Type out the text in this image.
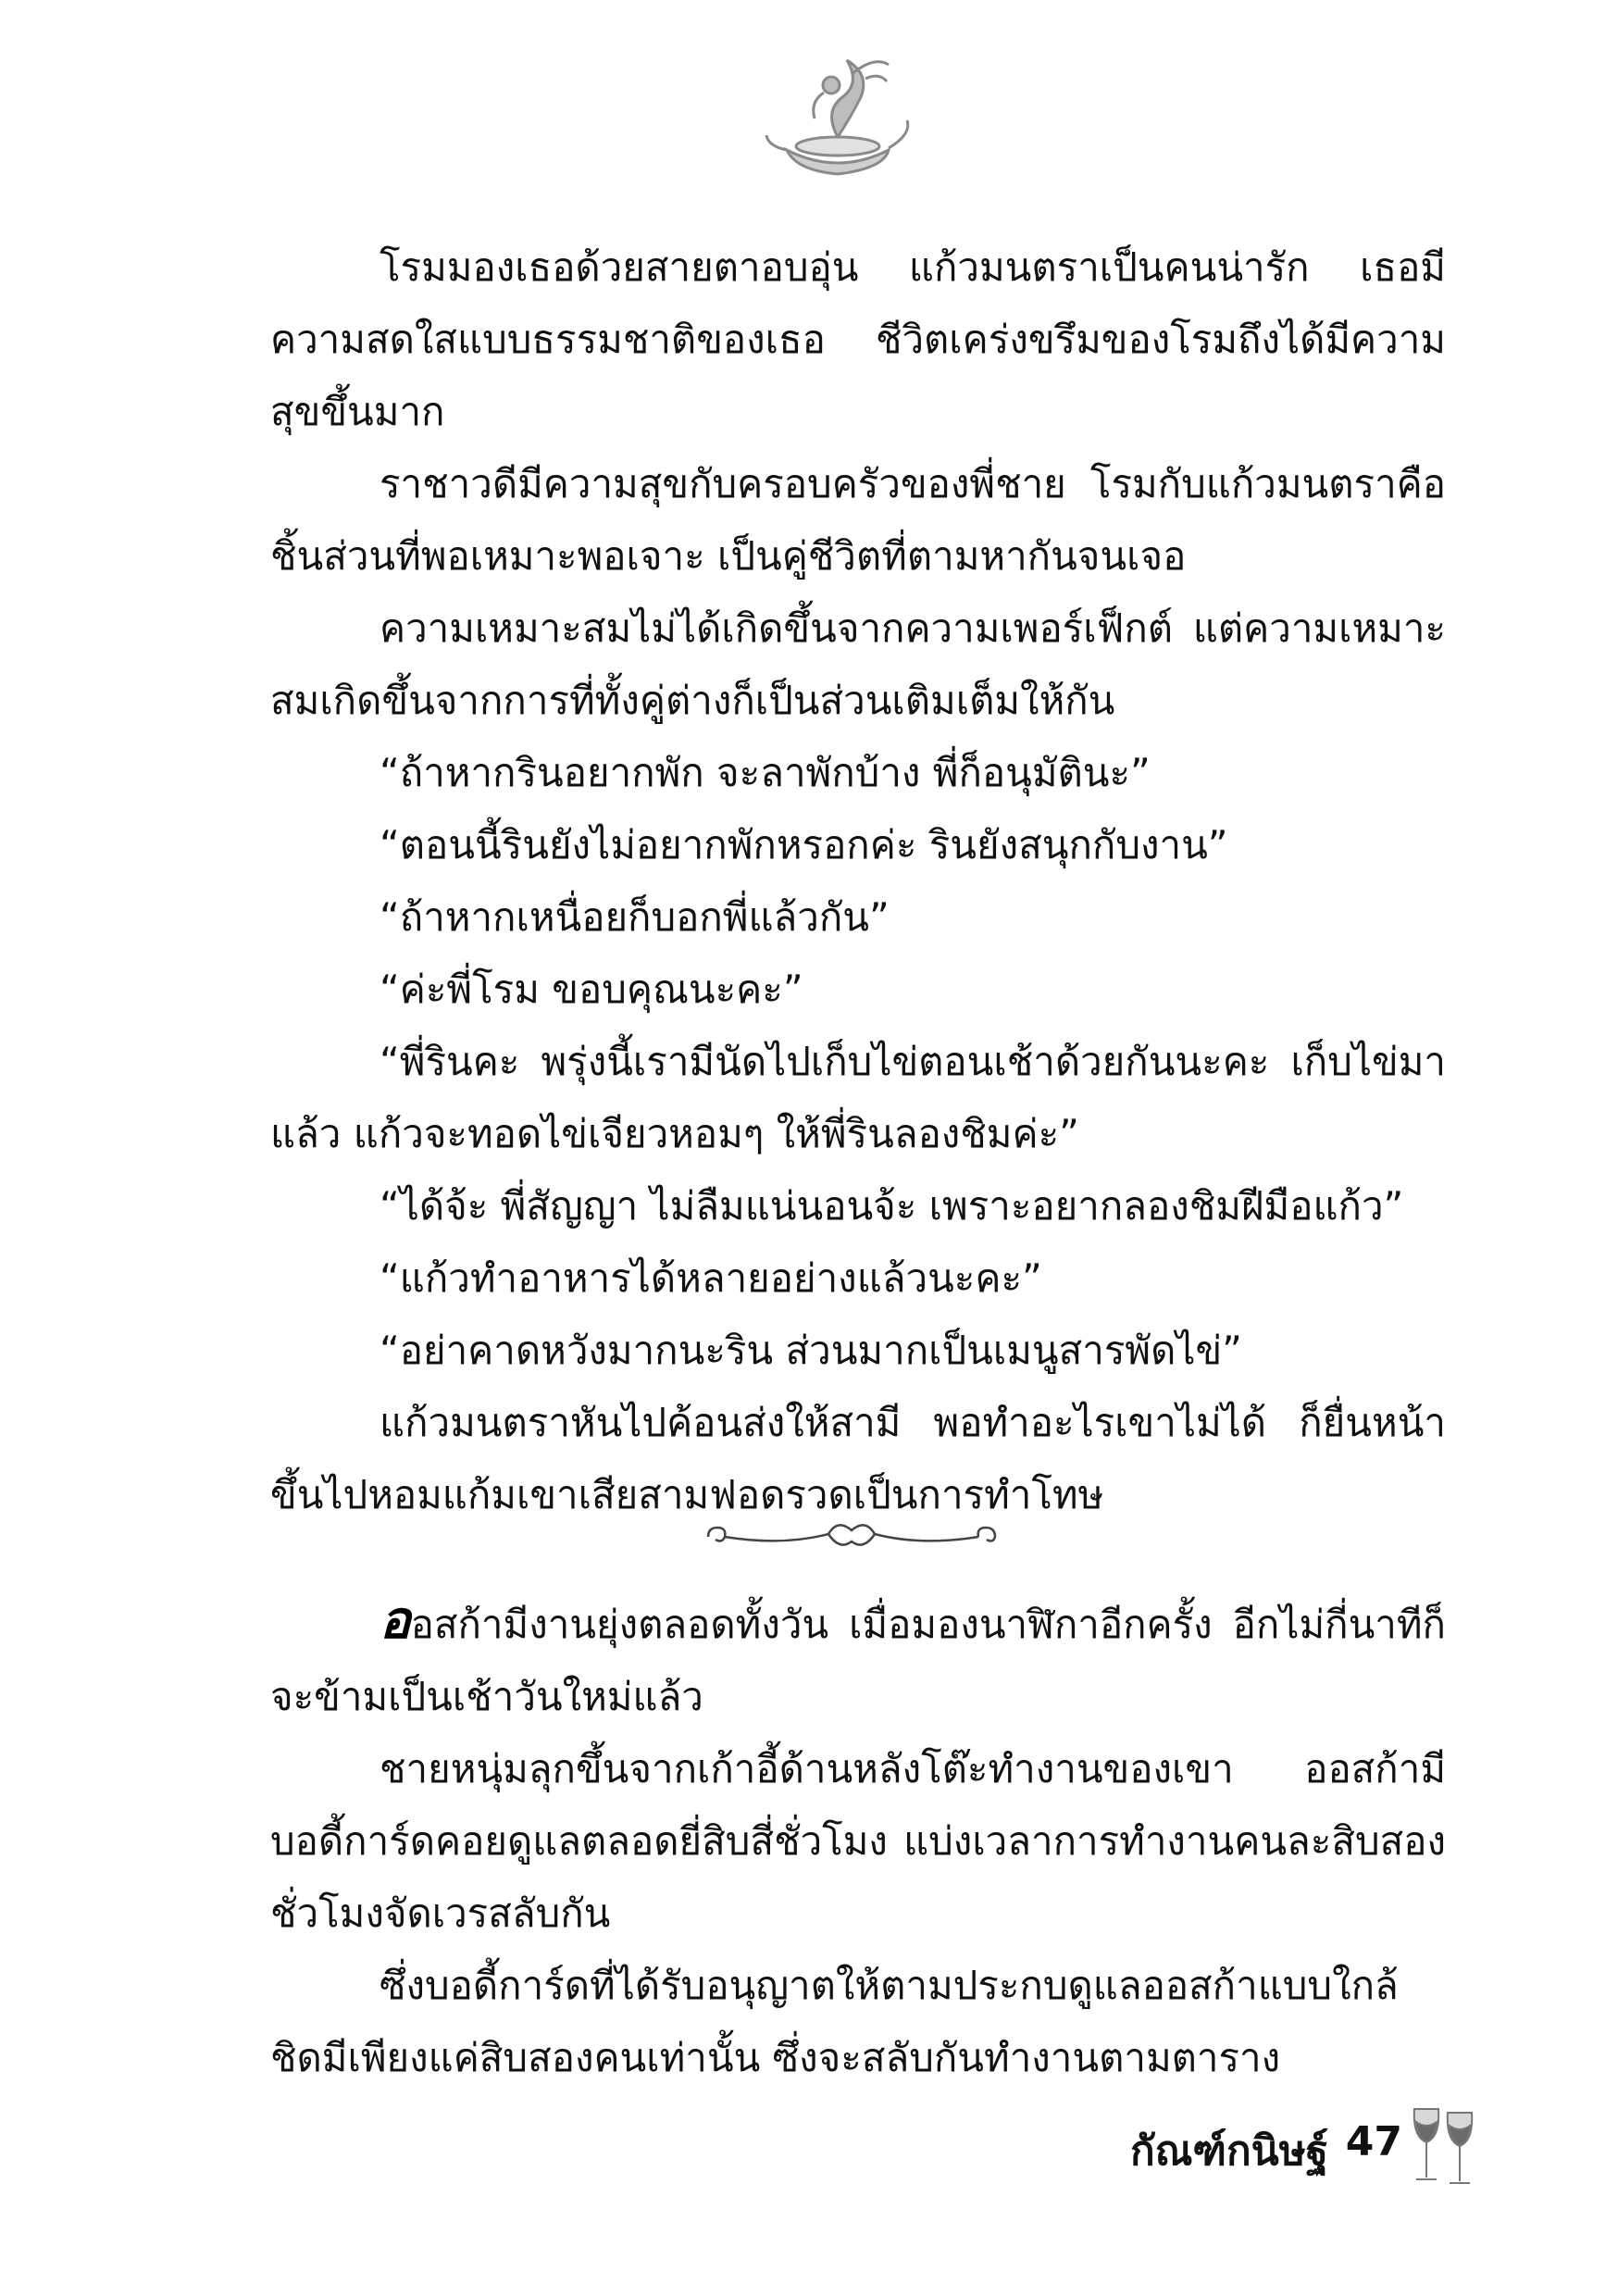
โรมมองเธอด้วยสายตาอบอุ่น แก้วมนตราเป็นคนน่ารัก เธอมีความสดใสแบบธรรมชาติของเธอ ชีวิตเคร่งขรึมของโรมถึงได้มีความสุขขึ้นมาก

ราชาวดีมีความสุขกับครอบครัวของพี่ชาย โรมกับแก้วมนตราคือชิ้นส่วนที่พอเหมาะพอเจาะ เป็นคู่ชีวิตที่ตามหากันจนเจอ

ความเหมาะสมไม่ได้เกิดขึ้นจากความเพอร์เฟ็กต์ แต่ความเหมาะสมเกิดขึ้นจากการที่ทั้งคู่ต่างก็เป็นส่วนเติมเต็มให้กัน

“ถ้าหากรินอยากพัก จะลาพักบ้าง พี่ก็อนุมัตินะ”

“ตอนนี้รินยังไม่อยากพักหรอกค่ะ รินยังสนุกกับงาน”

“ถ้าหากเหนื่อยก็บอกพี่แล้วกัน”

“ค่ะพี่โรม ขอบคุณนะคะ”

“พี่รินคะ พรุ่งนี้เรามีนัดไปเก็บไข่ตอนเช้าด้วยกันนะคะ เก็บไข่มาแล้ว แก้วจะทอดไข่เจียวหอมๆ ให้พี่รินลองชิมค่ะ”

“ได้จ้ะ พี่สัญญา ไม่ลืมแน่นอนจ้ะ เพราะอยากลองชิมฝีมือแก้ว”

“แก้วทำอาหารได้หลายอย่างแล้วนะคะ”

“อย่าคาดหวังมากนะริน ส่วนมากเป็นเมนูสารพัดไข่”

แก้วมนตราหันไปค้อนส่งให้สามี พอทำอะไรเขาไม่ได้ ก็ยื่นหน้าขึ้นไปหอมแก้มเขาเสียสามฟอดรวดเป็นการทำโทษ

ออสก้ามีงานยุ่งตลอดทั้งวัน เมื่อมองนาฬิกาอีกครั้ง อีกไม่กี่นาทีก็จะข้ามเป็นเช้าวันใหม่แล้ว

ชายหนุ่มลุกขึ้นจากเก้าอี้ด้านหลังโต๊ะทำงานของเขา ออสก้ามีบอดี้การ์ดคอยดูแลตลอดยี่สิบสี่ชั่วโมง แบ่งเวลาการทำงานคนละสิบสองชั่วโมงจัดเวรสลับกัน

ซึ่งบอดี้การ์ดที่ได้รับอนุญาตให้ตามประกบดูแลออสก้าแบบใกล้ชิดมีเพียงแค่สิบสองคนเท่านั้น ซึ่งจะสลับกันทำงานตามตาราง

กัณฑ์กนิษฐ์ 47
